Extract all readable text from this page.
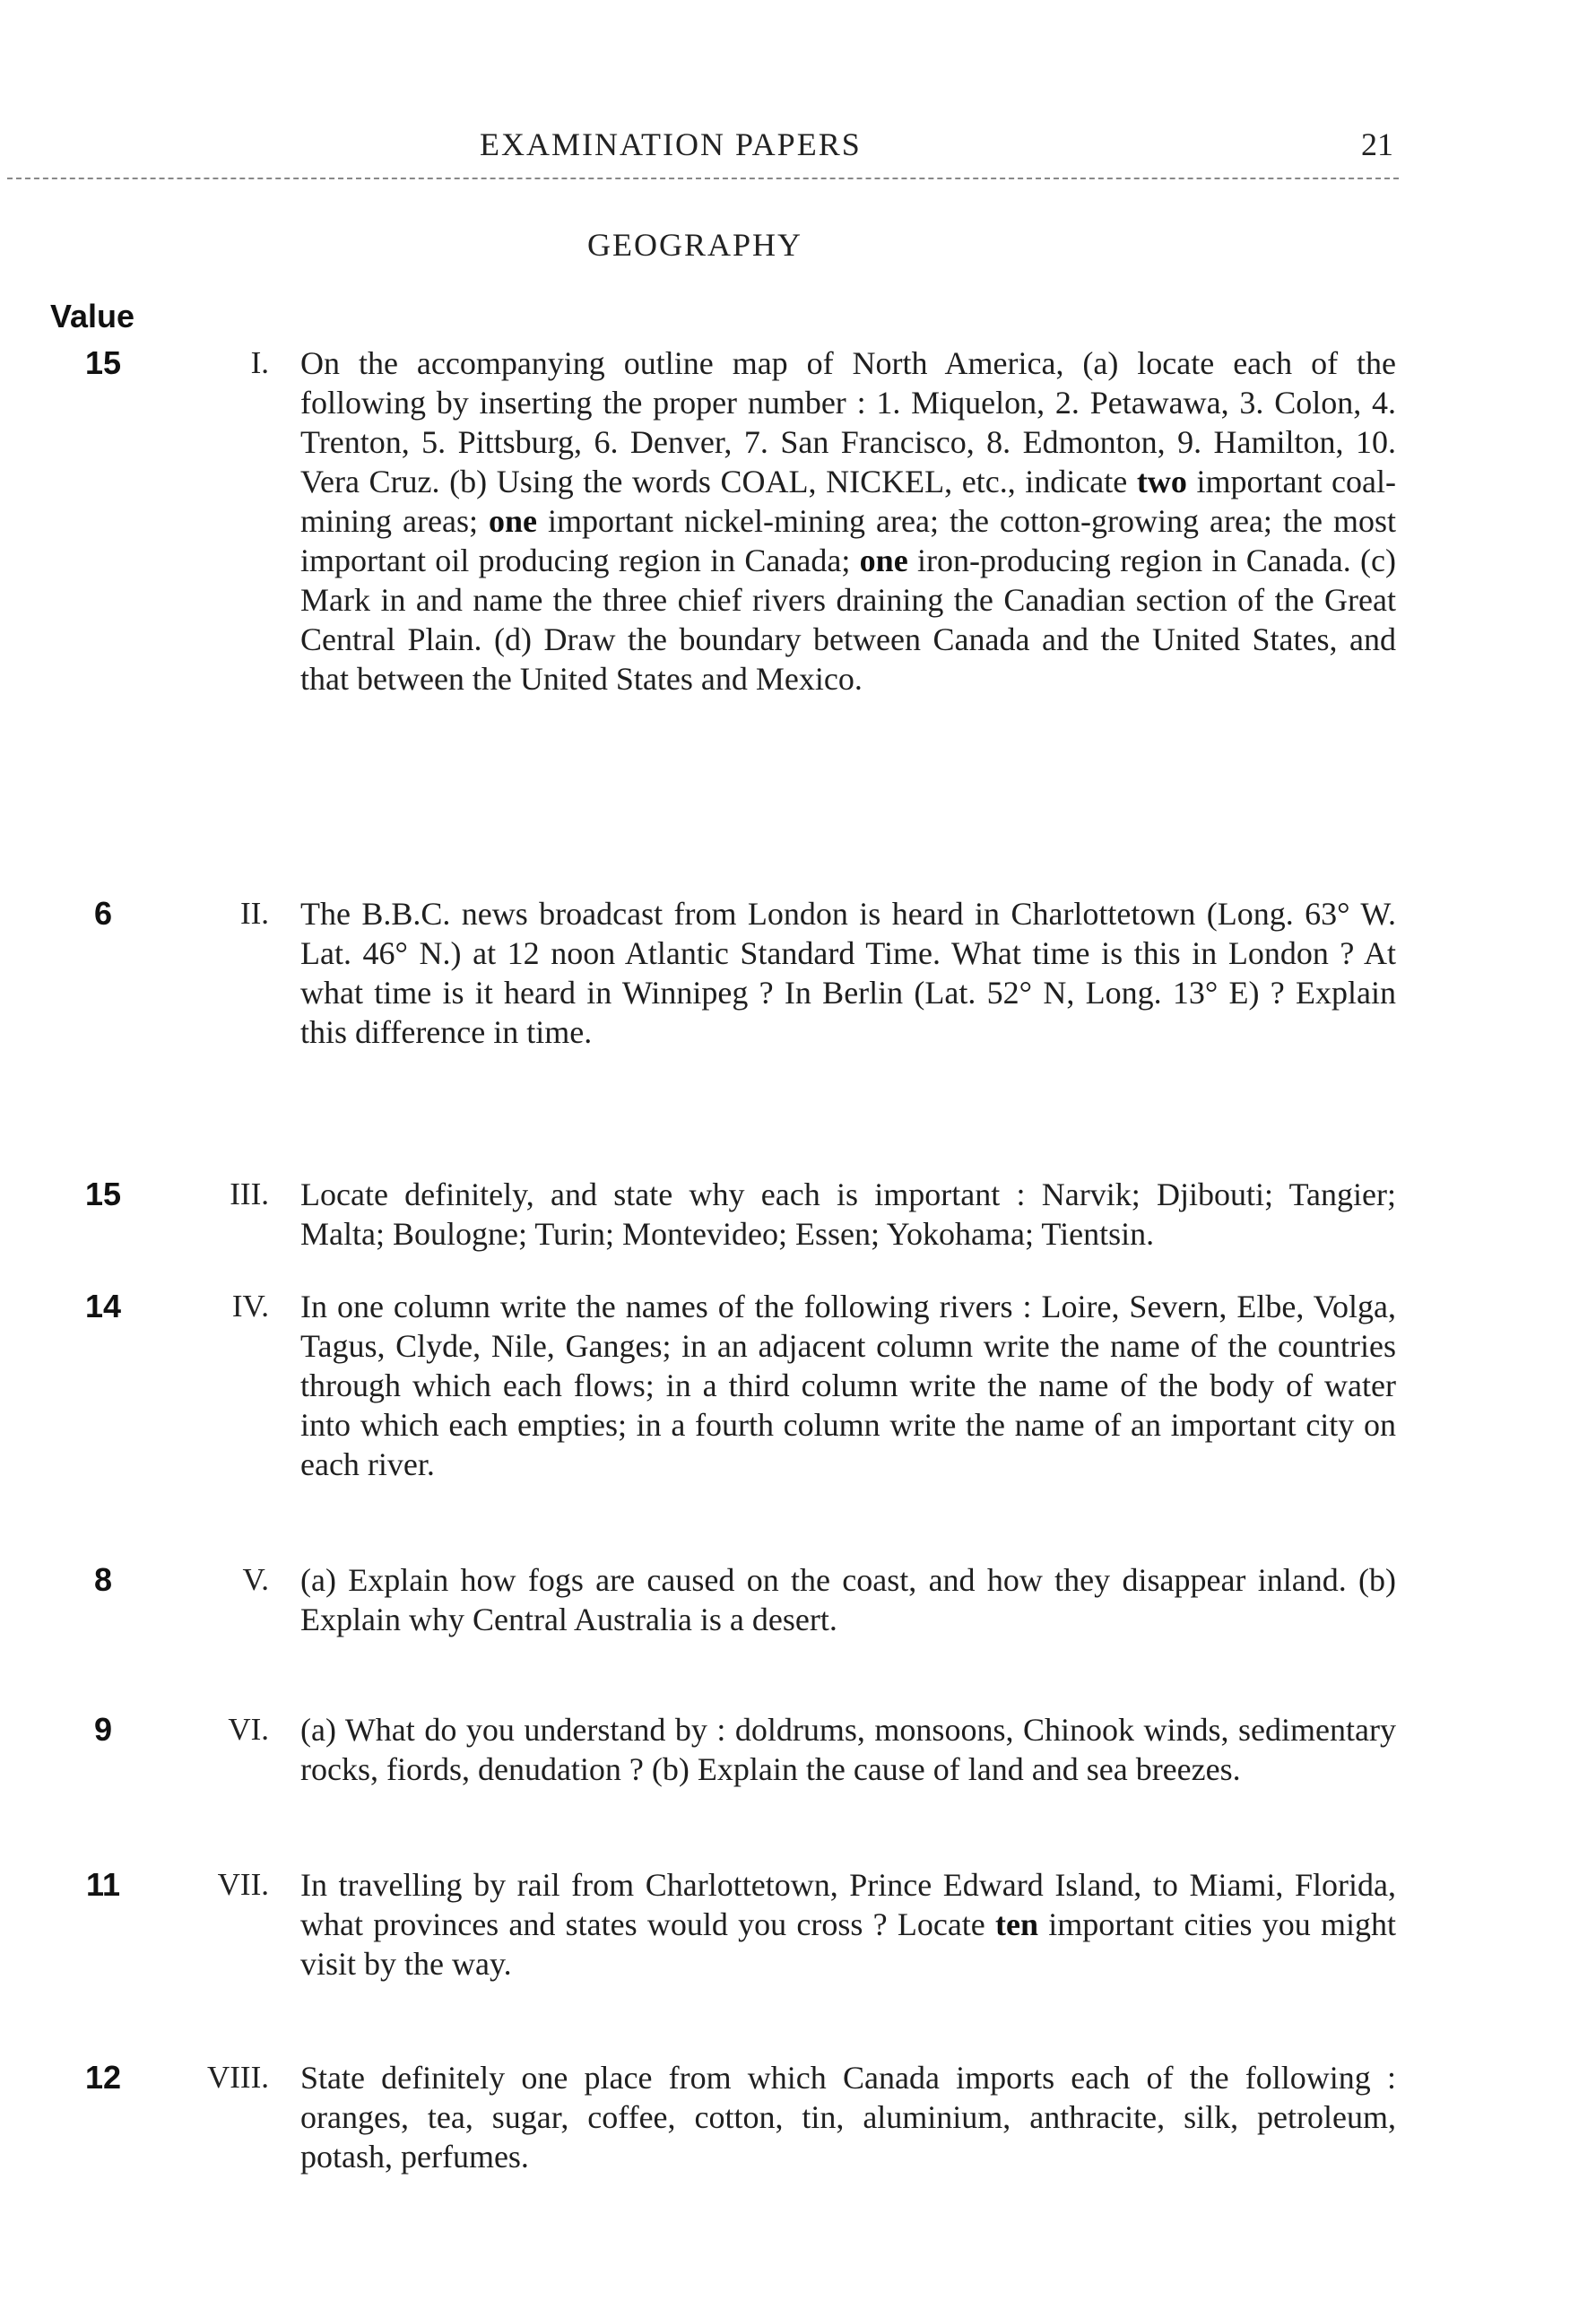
EXAMINATION PAPERS	21
GEOGRAPHY
Value
15	I. On the accompanying outline map of North America, (a) locate each of the following by inserting the proper number : 1. Miquelon, 2. Petawawa, 3. Colon, 4. Trenton, 5. Pittsburg, 6. Denver, 7. San Francisco, 8. Edmonton, 9. Hamilton, 10. Vera Cruz. (b) Using the words COAL, NICKEL, etc., indicate two important coal-mining areas; one important nickel-mining area; the cotton-growing area; the most important oil producing region in Canada; one iron-producing region in Canada. (c) Mark in and name the three chief rivers draining the Canadian section of the Great Central Plain. (d) Draw the boundary between Canada and the United States, and that between the United States and Mexico.

6	II. The B.B.C. news broadcast from London is heard in Charlottetown (Long. 63° W. Lat. 46° N.) at 12 noon Atlantic Standard Time. What time is this in London ? At what time is it heard in Winnipeg ? In Berlin (Lat. 52° N, Long. 13° E) ? Explain this difference in time.

15	III. Locate definitely, and state why each is important : Narvik; Djibouti; Tangier; Malta; Boulogne; Turin; Montevideo; Essen; Yokohama; Tientsin.

14	IV. In one column write the names of the following rivers : Loire, Severn, Elbe, Volga, Tagus, Clyde, Nile, Ganges; in an adjacent column write the name of the countries through which each flows; in a third column write the name of the body of water into which each empties; in a fourth column write the name of an important city on each river.

8	V. (a) Explain how fogs are caused on the coast, and how they disappear inland. (b) Explain why Central Australia is a desert.

9	VI. (a) What do you understand by : doldrums, monsoons, Chinook winds, sedimentary rocks, fiords, denudation ? (b) Explain the cause of land and sea breezes.

11	VII. In travelling by rail from Charlottetown, Prince Edward Island, to Miami, Florida, what provinces and states would you cross ? Locate ten important cities you might visit by the way.

12	VIII. State definitely one place from which Canada imports each of the following : oranges, tea, sugar, coffee, cotton, tin, aluminium, anthracite, silk, petroleum, potash, perfumes.
